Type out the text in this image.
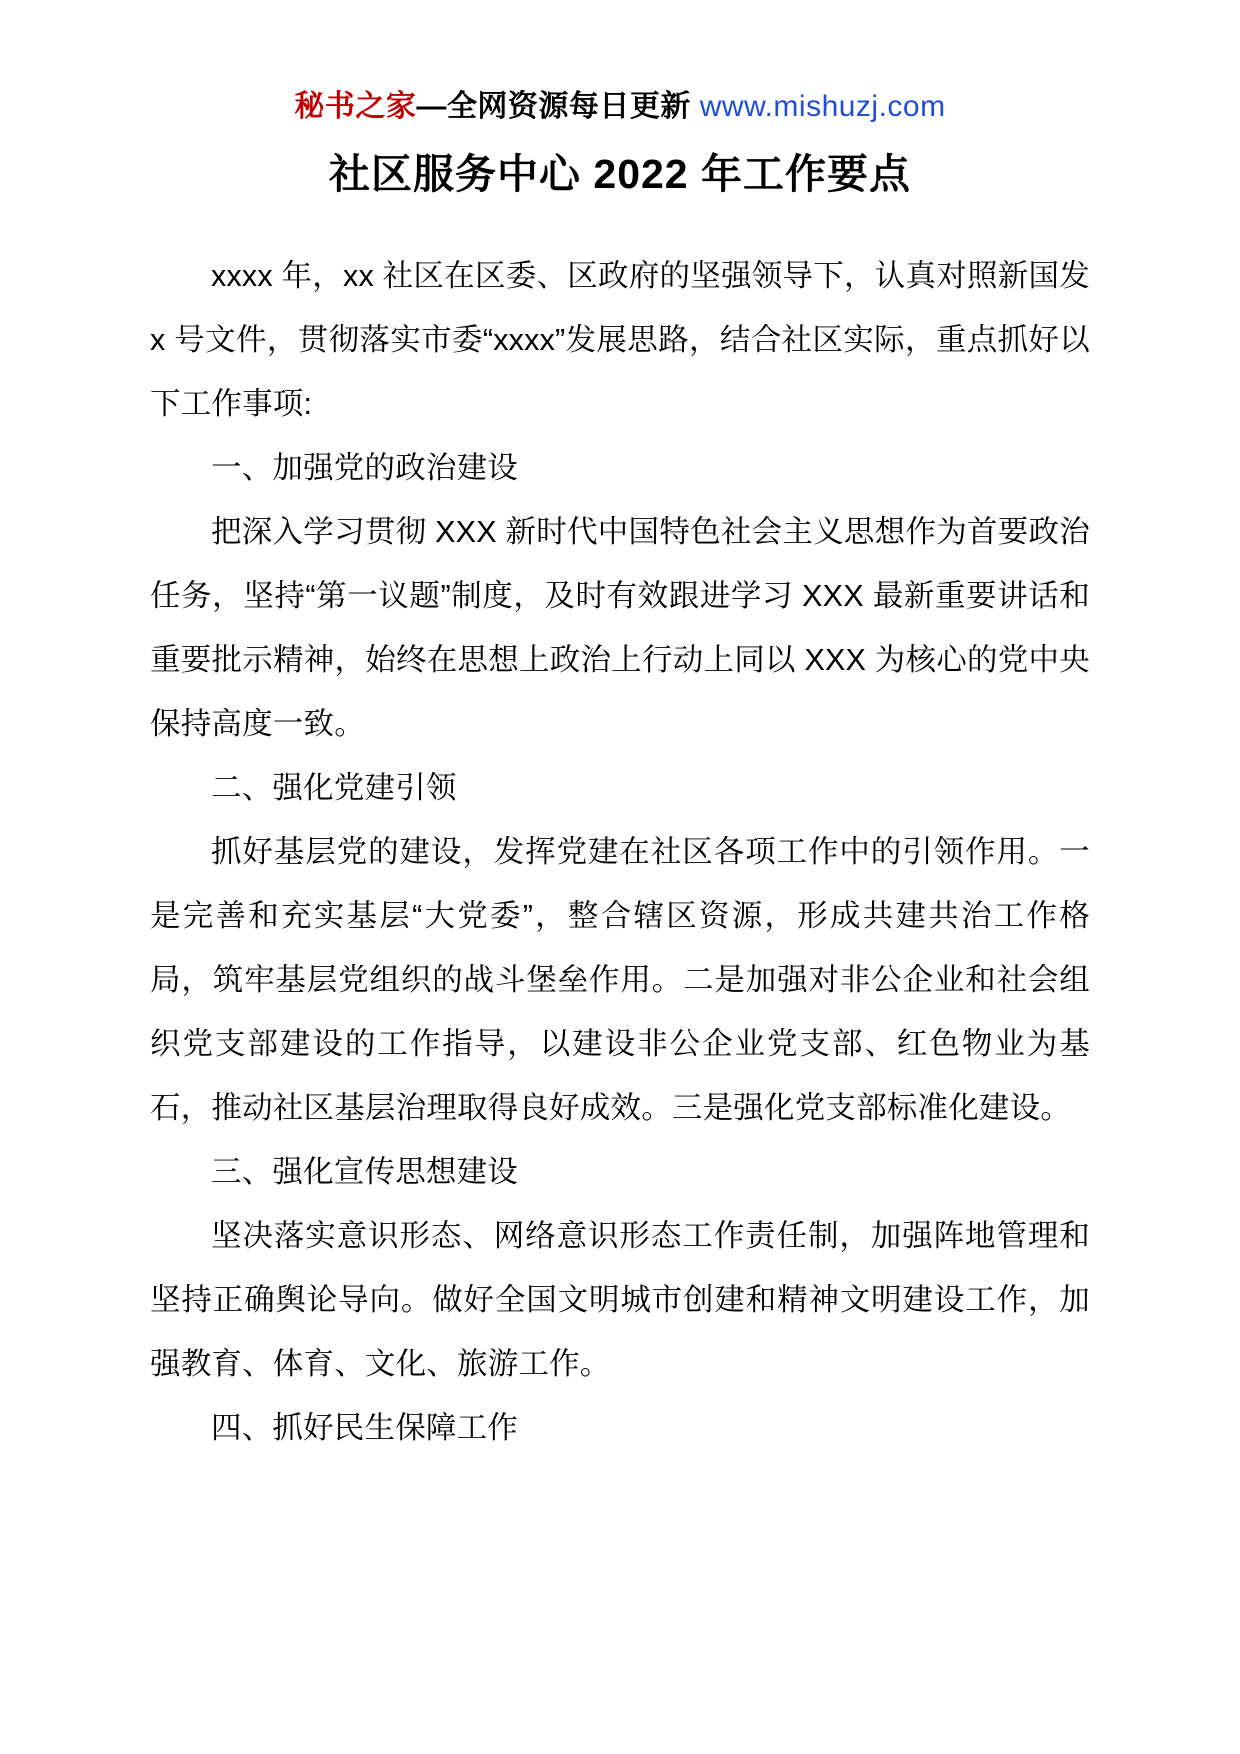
秘书之家—全网资源每日更新 www.mishuzj.com
社区服务中心 2022 年工作要点

xxxx 年，xx 社区在区委、区政府的坚强领导下，认真对照新国发 x 号文件，贯彻落实市委“xxxx”发展思路，结合社区实际，重点抓好以下工作事项:

一、加强党的政治建设

把深入学习贯彻 XXX 新时代中国特色社会主义思想作为首要政治任务，坚持“第一议题”制度，及时有效跟进学习 XXX 最新重要讲话和重要批示精神，始终在思想上政治上行动上同以 XXX 为核心的党中央保持高度一致。

二、强化党建引领

抓好基层党的建设，发挥党建在社区各项工作中的引领作用。一是完善和充实基层“大党委”，整合辖区资源，形成共建共治工作格局，筑牢基层党组织的战斗堡垒作用。二是加强对非公企业和社会组织党支部建设的工作指导，以建设非公企业党支部、红色物业为基石，推动社区基层治理取得良好成效。三是强化党支部标准化建设。

三、强化宣传思想建设

坚决落实意识形态、网络意识形态工作责任制，加强阵地管理和坚持正确舆论导向。做好全国文明城市创建和精神文明建设工作，加强教育、体育、文化、旅游工作。

四、抓好民生保障工作
